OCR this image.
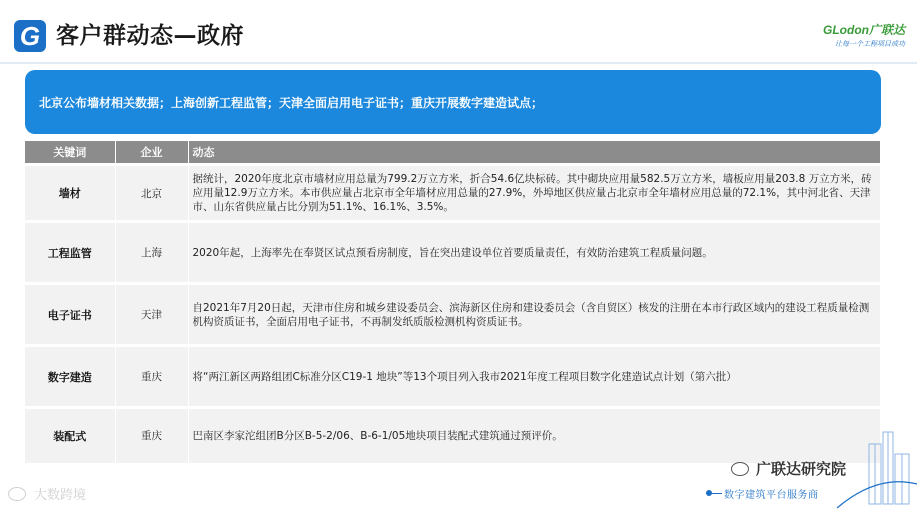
G 客户群动态—政府	GLodon广联达
让每一个工程项目成功
北京公布墙材相关数据；上海创新工程监管；天津全面启用电子证书；重庆开展数字建造试点；
关键词	企业	动态
墙材	北京	据统计，2020年度北京市墙材应用总量为799.2万立方米，折合54.6亿块标砖。其中砌块应用量582.5万立方米，墙板应用量203.8 万立方米，砖应用量12.9万立方米。本市供应量占北京市全年墙材应用总量的27.9%，外埠地区供应量占北京市全年墙材应用总量的72.1%，其中河北省、天津市、山东省供应量占比分别为51.1%、16.1%、3.5%。
工程监管	上海	2020年起，上海率先在奉贤区试点预看房制度，旨在突出建设单位首要质量责任，有效防治建筑工程质量问题。
电子证书	天津	自2021年7月20日起，天津市住房和城乡建设委员会、滨海新区住房和建设委员会（含自贸区）核发的注册在本市行政区域内的建设工程质量检测机构资质证书，全面启用电子证书，不再制发纸质版检测机构资质证书。
数字建造	重庆	将“两江新区两路组团C标准分区C19-1 地块”等13个项目列入我市2021年度工程项目数字化建造试点计划（第六批）
装配式	重庆	巴南区李家沱组团B分区B-5-2/06、B-6-1/05地块项目装配式建筑通过预评价。
广联达研究院
数字建筑平台服务商
大数跨境
